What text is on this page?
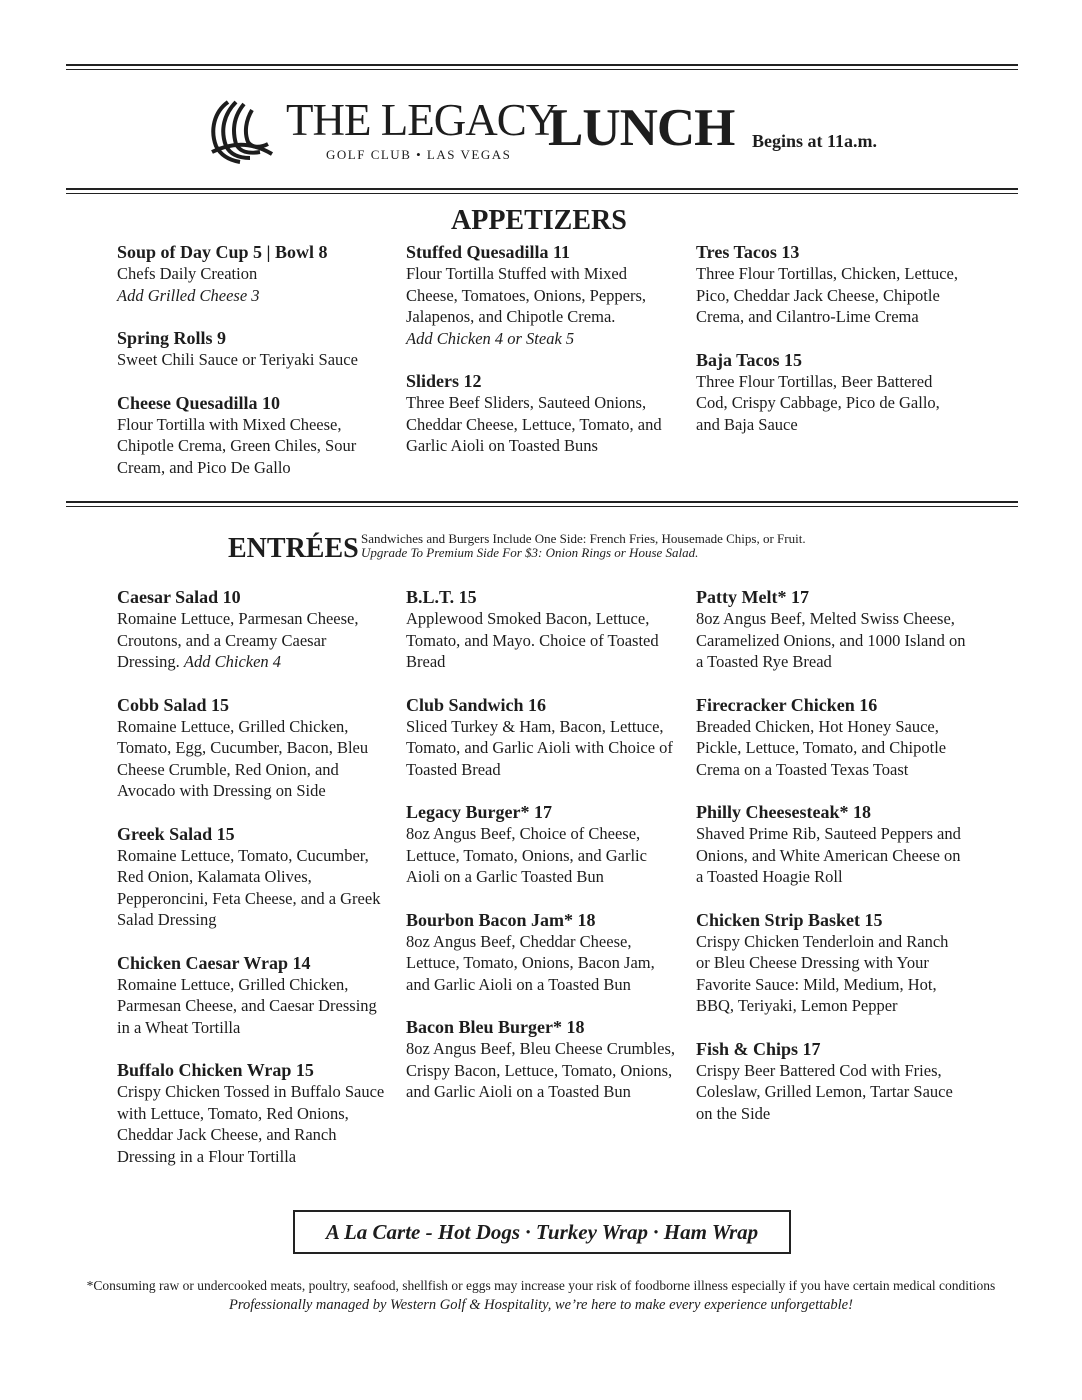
THE LEGACY
GOLF CLUB • LAS VEGAS LUNCH Begins at 11a.m.
APPETIZERS
Soup of Day Cup 5 | Bowl 8
Chefs Daily Creation
Add Grilled Cheese 3
Spring Rolls 9
Sweet Chili Sauce or Teriyaki Sauce
Cheese Quesadilla 10
Flour Tortilla with Mixed Cheese, Chipotle Crema, Green Chiles, Sour Cream, and Pico De Gallo
Stuffed Quesadilla 11
Flour Tortilla Stuffed with Mixed Cheese, Tomatoes, Onions, Peppers, Jalapenos, and Chipotle Crema.
Add Chicken 4 or Steak 5
Sliders 12
Three Beef Sliders, Sauteed Onions, Cheddar Cheese, Lettuce, Tomato, and Garlic Aioli on Toasted Buns
Tres Tacos 13
Three Flour Tortillas, Chicken, Lettuce, Pico, Cheddar Jack Cheese, Chipotle Crema, and Cilantro-Lime Crema
Baja Tacos 15
Three Flour Tortillas, Beer Battered Cod, Crispy Cabbage, Pico de Gallo, and Baja Sauce
ENTRÉES Sandwiches and Burgers Include One Side: French Fries, Housemade Chips, or Fruit.
Upgrade To Premium Side For $3: Onion Rings or House Salad.
Caesar Salad 10
Romaine Lettuce, Parmesan Cheese, Croutons, and a Creamy Caesar Dressing. Add Chicken 4
Cobb Salad 15
Romaine Lettuce, Grilled Chicken, Tomato, Egg, Cucumber, Bacon, Bleu Cheese Crumble, Red Onion, and Avocado with Dressing on Side
Greek Salad 15
Romaine Lettuce, Tomato, Cucumber, Red Onion, Kalamata Olives, Pepperoncini, Feta Cheese, and a Greek Salad Dressing
Chicken Caesar Wrap 14
Romaine Lettuce, Grilled Chicken, Parmesan Cheese, and Caesar Dressing in a Wheat Tortilla
Buffalo Chicken Wrap 15
Crispy Chicken Tossed in Buffalo Sauce with Lettuce, Tomato, Red Onions, Cheddar Jack Cheese, and Ranch Dressing in a Flour Tortilla
B.L.T. 15
Applewood Smoked Bacon, Lettuce, Tomato, and Mayo. Choice of Toasted Bread
Club Sandwich 16
Sliced Turkey & Ham, Bacon, Lettuce, Tomato, and Garlic Aioli with Choice of Toasted Bread
Legacy Burger* 17
8oz Angus Beef, Choice of Cheese, Lettuce, Tomato, Onions, and Garlic Aioli on a Garlic Toasted Bun
Bourbon Bacon Jam* 18
8oz Angus Beef, Cheddar Cheese, Lettuce, Tomato, Onions, Bacon Jam, and Garlic Aioli on a Toasted Bun
Bacon Bleu Burger* 18
8oz Angus Beef, Bleu Cheese Crumbles, Crispy Bacon, Lettuce, Tomato, Onions, and Garlic Aioli on a Toasted Bun
Patty Melt* 17
8oz Angus Beef, Melted Swiss Cheese, Caramelized Onions, and 1000 Island on a Toasted Rye Bread
Firecracker Chicken 16
Breaded Chicken, Hot Honey Sauce, Pickle, Lettuce, Tomato, and Chipotle Crema on a Toasted Texas Toast
Philly Cheesesteak* 18
Shaved Prime Rib, Sauteed Peppers and Onions, and White American Cheese on a Toasted Hoagie Roll
Chicken Strip Basket 15
Crispy Chicken Tenderloin and Ranch or Bleu Cheese Dressing with Your Favorite Sauce: Mild, Medium, Hot, BBQ, Teriyaki, Lemon Pepper
Fish & Chips 17
Crispy Beer Battered Cod with Fries, Coleslaw, Grilled Lemon, Tartar Sauce on the Side
A La Carte - Hot Dogs · Turkey Wrap · Ham Wrap
*Consuming raw or undercooked meats, poultry, seafood, shellfish or eggs may increase your risk of foodborne illness especially if you have certain medical conditions
Professionally managed by Western Golf & Hospitality, we’re here to make every experience unforgettable!
